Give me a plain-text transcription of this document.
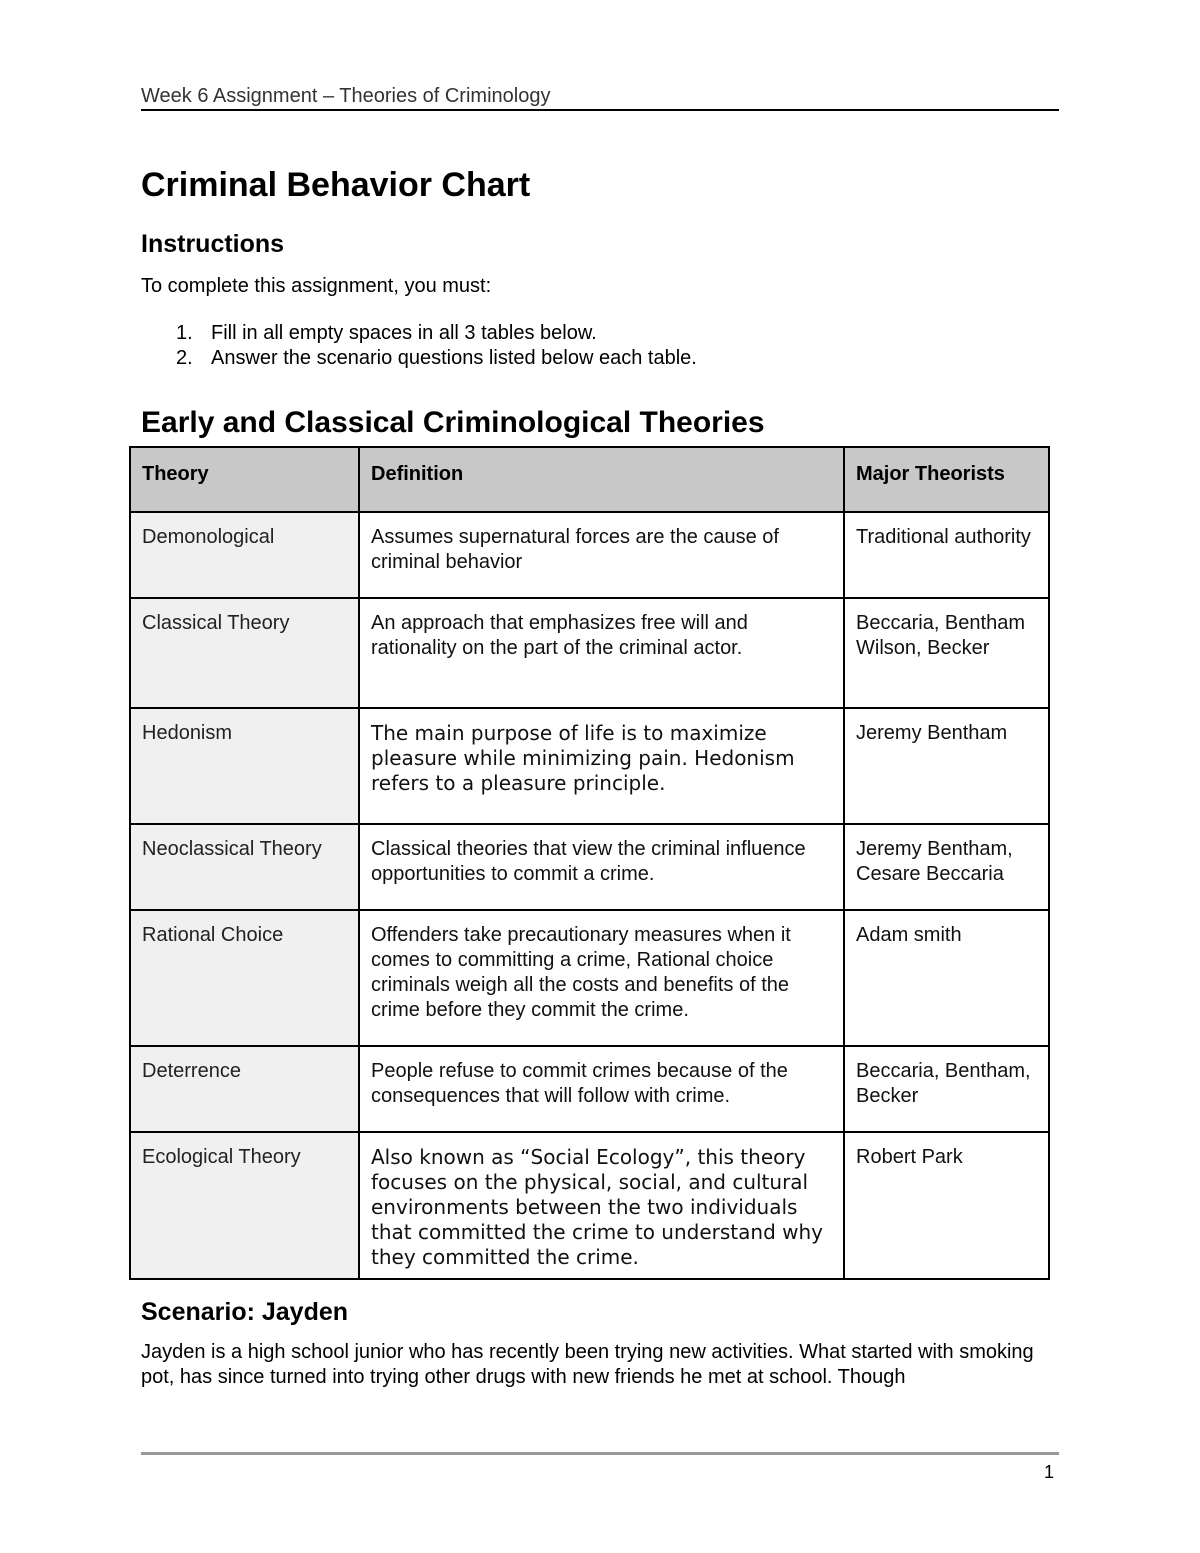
Week 6 Assignment – Theories of Criminology
Criminal Behavior Chart
Instructions

To complete this assignment, you must:

1. Fill in all empty spaces in all 3 tables below.
2. Answer the scenario questions listed below each table.
Early and Classical Criminological Theories
Theory	Definition	Major Theorists
Demonological	Assumes supernatural forces are the cause of criminal behavior	Traditional authority
Classical Theory	An approach that emphasizes free will and rationality on the part of the criminal actor.	Beccaria, Bentham Wilson, Becker
Hedonism	The main purpose of life is to maximize pleasure while minimizing pain. Hedonism refers to a pleasure principle.	Jeremy Bentham
Neoclassical Theory	Classical theories that view the criminal influence opportunities to commit a crime.	Jeremy Bentham, Cesare Beccaria
Rational Choice	Offenders take precautionary measures when it comes to committing a crime, Rational choice criminals weigh all the costs and benefits of the crime before they commit the crime.	Adam smith
Deterrence	People refuse to commit crimes because of the consequences that will follow with crime.	Beccaria, Bentham, Becker
Ecological Theory	Also known as “Social Ecology”, this theory focuses on the physical, social, and cultural environments between the two individuals that committed the crime to understand why they committed the crime.	Robert Park
Scenario: Jayden

Jayden is a high school junior who has recently been trying new activities. What started with smoking pot, has since turned into trying other drugs with new friends he met at school. Though

1
